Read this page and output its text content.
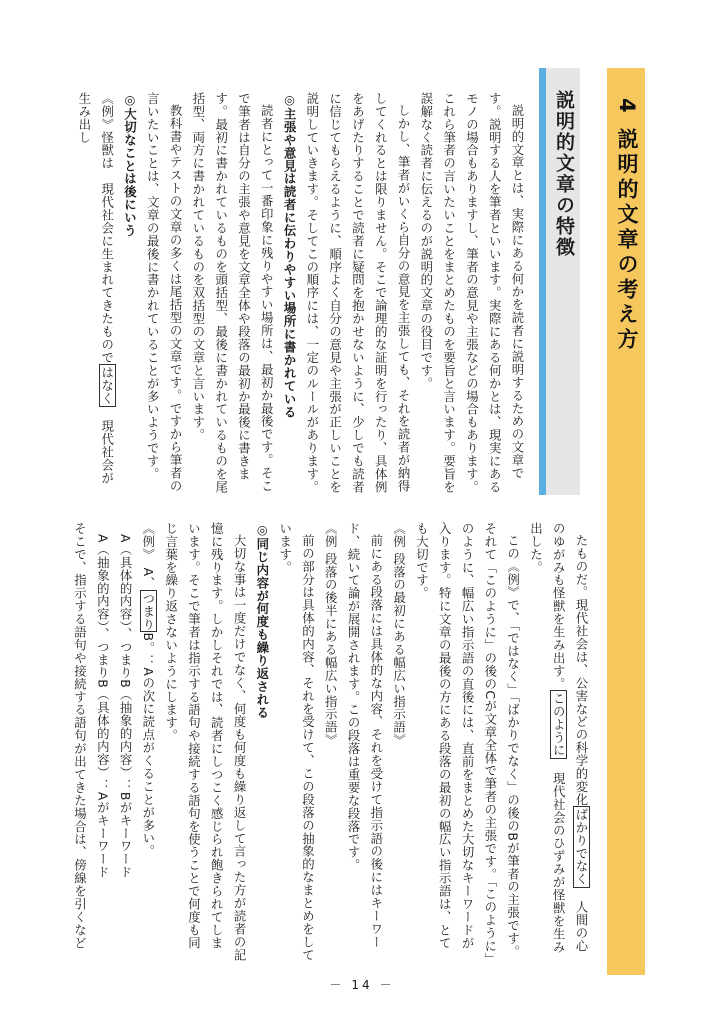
4 説明的文章の考え方
説明的文章の特徴

説明的文章とは、実際にある何かを読者に説明するための文章です。説明する人を筆者といいます。実際にある何かとは、現実にあるモノの場合もありますし、筆者の意見や主張などの場合もあります。これら筆者の言いたいことをまとめたものを要旨と言います。要旨を誤解なく読者に伝えるのが説明的文章の役目です。

しかし、筆者がいくら自分の意見を主張しても、それを読者が納得してくれるとは限りません。そこで論理的な証明を行ったり、具体例をあげたりすることで読者に疑問を抱かせないように、少しでも読者に信じてもらえるように、順序よく自分の意見や主張が正しいことを説明していきます。そしてこの順序には、一定のルールがあります。

◎主張や意見は読者に伝わりやすい場所に書かれている

読者にとって一番印象に残りやすい場所は、最初か最後です。そこで筆者は自分の主張や意見を文章全体や段落の最初か最後に書きます。最初に書かれているものを頭括型、最後に書かれているものを尾括型、両方に書かれているものを双括型の文章と言います。

教科書やテストの文章の多くは尾括型の文章です。ですから筆者の言いたいことは、文章の最後に書かれていることが多いようです。

◎大切なことは後にいう
《例》怪獣は　現代社会に生まれてきたものではなく　現代社会が生み出し
たものだ。現代社会は、公害などの科学的変化ばかりでなく　人間の心のゆがみも怪獣を生み出す。このように　現代社会のひずみが怪獣を生み出した。

この《例》で、「ではなく」「ばかりでなく」の後のBが筆者の主張です。それて「このように」の後のCが文章全体で筆者の主張です。「このように」のように、幅広い指示語の直後には、直前をまとめた大切なキーワードが入ります。特に文章の最後の方にある段落の最初の幅広い指示語は、とても大切です。

《例 段落の最初にある幅広い指示語》

前にある段落には具体的な内容、それを受けて指示語の後にはキーワード、続いて論が展開されます。この段落は重要な段落です。

《例 段落の後半にある幅広い指示語》

前の部分は具体的内容、それを受けて、この段落の抽象的なまとめをしています。

◎同じ内容が何度も繰り返される

大切な事は一度だけでなく、何度も何度も繰り返して言った方が読者の記憶に残ります。しかしそれでは、読者にしつこく感じられ飽きられてしまいます。そこで筆者は指示する語句や接続する語句を使うことで何度も同じ言葉を繰り返さないようにします。

《例》　A、つまりB。：Aの次に読点がくることが多い。
A（具体的内容）、つまりB（抽象的内容）：Bがキーワード
A（抽象的内容）、つまりB（具体的内容）：Aがキーワード
そこで、指示する語句や接続する語句が出てきた場合は、傍線を引くなど
－ 14 －
